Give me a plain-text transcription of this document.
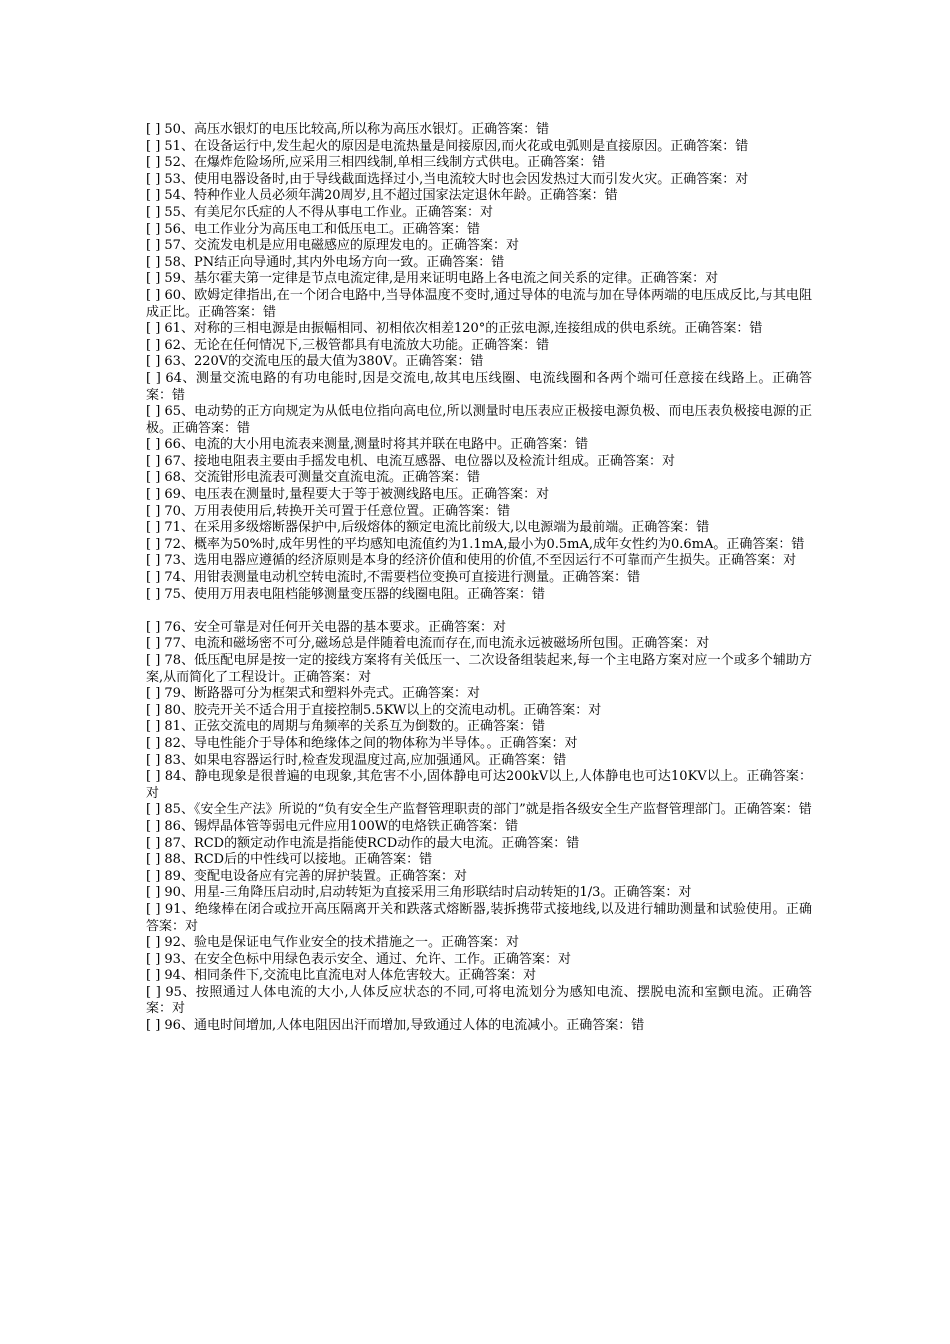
[ ] 50、高压水银灯的电压比较高,所以称为高压水银灯。正确答案：错

[ ] 51、在设备运行中,发生起火的原因是电流热量是间接原因,而火花或电弧则是直接原因。正确答案：错

[ ] 52、在爆炸危险场所,应采用三相四线制,单相三线制方式供电。正确答案：错

[ ] 53、使用电器设备时,由于导线截面选择过小,当电流较大时也会因发热过大而引发火灾。正确答案：对

[ ] 54、特种作业人员必须年满20周岁,且不超过国家法定退休年龄。正确答案：错

[ ] 55、有美尼尔氏症的人不得从事电工作业。正确答案：对

[ ] 56、电工作业分为高压电工和低压电工。正确答案：错

[ ] 57、交流发电机是应用电磁感应的原理发电的。正确答案：对

[ ] 58、PN结正向导通时,其内外电场方向一致。正确答案：错

[ ] 59、基尔霍夫第一定律是节点电流定律,是用来证明电路上各电流之间关系的定律。正确答案：对

[ ] 60、欧姆定律指出,在一个闭合电路中,当导体温度不变时,通过导体的电流与加在导体两端的电压成反比,与其电阻成正比。正确答案：错

[ ] 61、对称的三相电源是由振幅相同、初相依次相差120°的正弦电源,连接组成的供电系统。正确答案：错

[ ] 62、无论在任何情况下,三极管都具有电流放大功能。正确答案：错

[ ] 63、220V的交流电压的最大值为380V。正确答案：错

[ ] 64、测量交流电路的有功电能时,因是交流电,故其电压线圈、电流线圈和各两个端可任意接在线路上。正确答案：错

[ ] 65、电动势的正方向规定为从低电位指向高电位,所以测量时电压表应正极接电源负极、而电压表负极接电源的正极。正确答案：错

[ ] 66、电流的大小用电流表来测量,测量时将其并联在电路中。正确答案：错

[ ] 67、接地电阻表主要由手摇发电机、电流互感器、电位器以及检流计组成。正确答案：对

[ ] 68、交流钳形电流表可测量交直流电流。正确答案：错

[ ] 69、电压表在测量时,量程要大于等于被测线路电压。正确答案：对

[ ] 70、万用表使用后,转换开关可置于任意位置。正确答案：错

[ ] 71、在采用多级熔断器保护中,后级熔体的额定电流比前级大,以电源端为最前端。正确答案：错

[ ] 72、概率为50%时,成年男性的平均感知电流值约为1.1mA,最小为0.5mA,成年女性约为0.6mA。正确答案：错

[ ] 73、选用电器应遵循的经济原则是本身的经济价值和使用的价值,不至因运行不可靠而产生损失。正确答案：对

[ ] 74、用钳表测量电动机空转电流时,不需要档位变换可直接进行测量。正确答案：错

[ ] 75、使用万用表电阻档能够测量变压器的线圈电阻。正确答案：错

[ ] 76、安全可靠是对任何开关电器的基本要求。正确答案：对

[ ] 77、电流和磁场密不可分,磁场总是伴随着电流而存在,而电流永远被磁场所包围。正确答案：对

[ ] 78、低压配电屏是按一定的接线方案将有关低压一、二次设备组装起来,每一个主电路方案对应一个或多个辅助方案,从而简化了工程设计。正确答案：对

[ ] 79、断路器可分为框架式和塑料外壳式。正确答案：对

[ ] 80、胶壳开关不适合用于直接控制5.5KW以上的交流电动机。正确答案：对

[ ] 81、正弦交流电的周期与角频率的关系互为倒数的。正确答案：错

[ ] 82、导电性能介于导体和绝缘体之间的物体称为半导体。。正确答案：对

[ ] 83、如果电容器运行时,检查发现温度过高,应加强通风。正确答案：错

[ ] 84、静电现象是很普遍的电现象,其危害不小,固体静电可达200kV以上,人体静电也可达10KV以上。正确答案：对

[ ] 85、《安全生产法》所说的“负有安全生产监督管理职责的部门”就是指各级安全生产监督管理部门。正确答案：错

[ ] 86、锡焊晶体管等弱电元件应用100W的电烙铁正确答案：错

[ ] 87、RCD的额定动作电流是指能使RCD动作的最大电流。正确答案：错

[ ] 88、RCD后的中性线可以接地。正确答案：错

[ ] 89、变配电设备应有完善的屏护装置。正确答案：对

[ ] 90、用星-三角降压启动时,启动转矩为直接采用三角形联结时启动转矩的1/3。正确答案：对

[ ] 91、绝缘棒在闭合或拉开高压隔离开关和跌落式熔断器,装拆携带式接地线,以及进行辅助测量和试验使用。正确答案：对

[ ] 92、验电是保证电气作业安全的技术措施之一。正确答案：对

[ ] 93、在安全色标中用绿色表示安全、通过、允许、工作。正确答案：对

[ ] 94、相同条件下,交流电比直流电对人体危害较大。正确答案：对

[ ] 95、按照通过人体电流的大小,人体反应状态的不同,可将电流划分为感知电流、摆脱电流和室颤电流。正确答案：对

[ ] 96、通电时间增加,人体电阻因出汗而增加,导致通过人体的电流减小。正确答案：错
